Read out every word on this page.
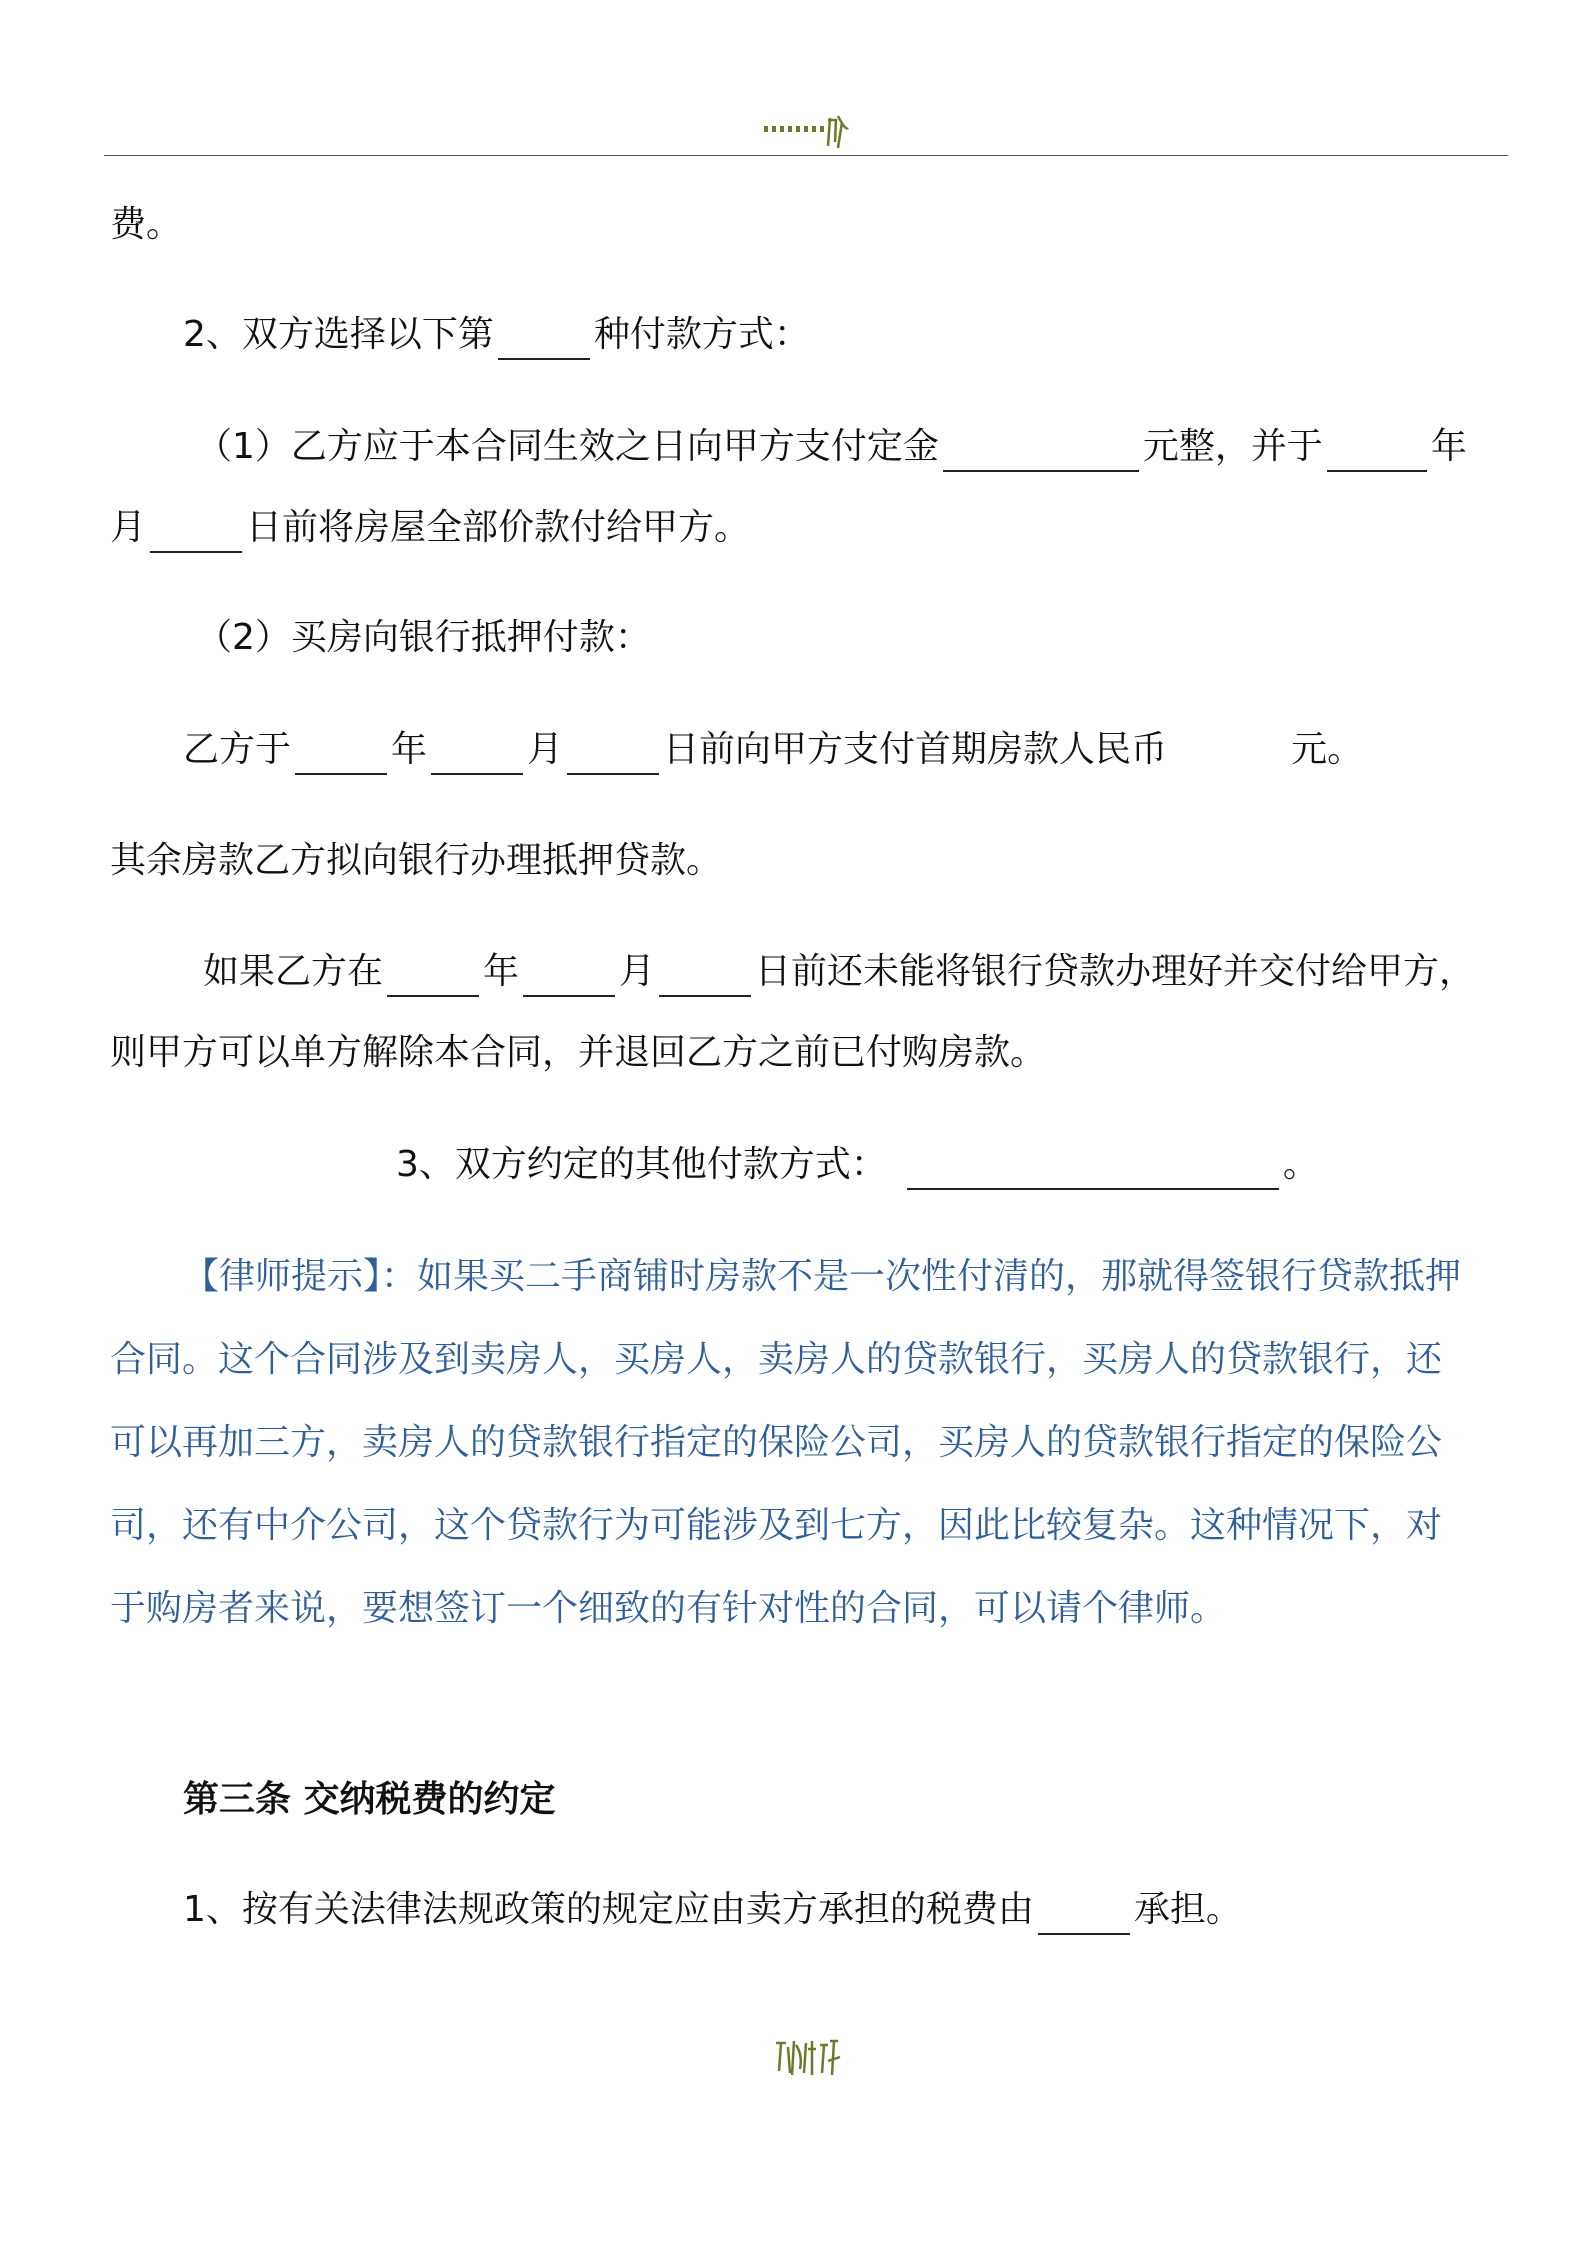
费。
2、双方选择以下第	种付款方式：
（1）乙方应于本合同生效之日向甲方支付定金	元整，并于	年
月	日前将房屋全部价款付给甲方。
（2）买房向银行抵押付款：
乙方于	年	月	日前向甲方支付首期房款人民币	元。
其余房款乙方拟向银行办理抵押贷款。
如果乙方在	年	月	日前还未能将银行贷款办理好并交付给甲方，
则甲方可以单方解除本合同，并退回乙方之前已付购房款。
3、双方约定的其他付款方式：	。
【律师提示】：如果买二手商铺时房款不是一次性付清的，那就得签银行贷款抵押
合同。这个合同涉及到卖房人，买房人，卖房人的贷款银行，买房人的贷款银行，还
可以再加三方，卖房人的贷款银行指定的保险公司，买房人的贷款银行指定的保险公
司，还有中介公司，这个贷款行为可能涉及到七方，因此比较复杂。这种情况下，对
于购房者来说，要想签订一个细致的有针对性的合同，可以请个律师。
第三条 交纳税费的约定
1、按有关法律法规政策的规定应由卖方承担的税费由	承担。
